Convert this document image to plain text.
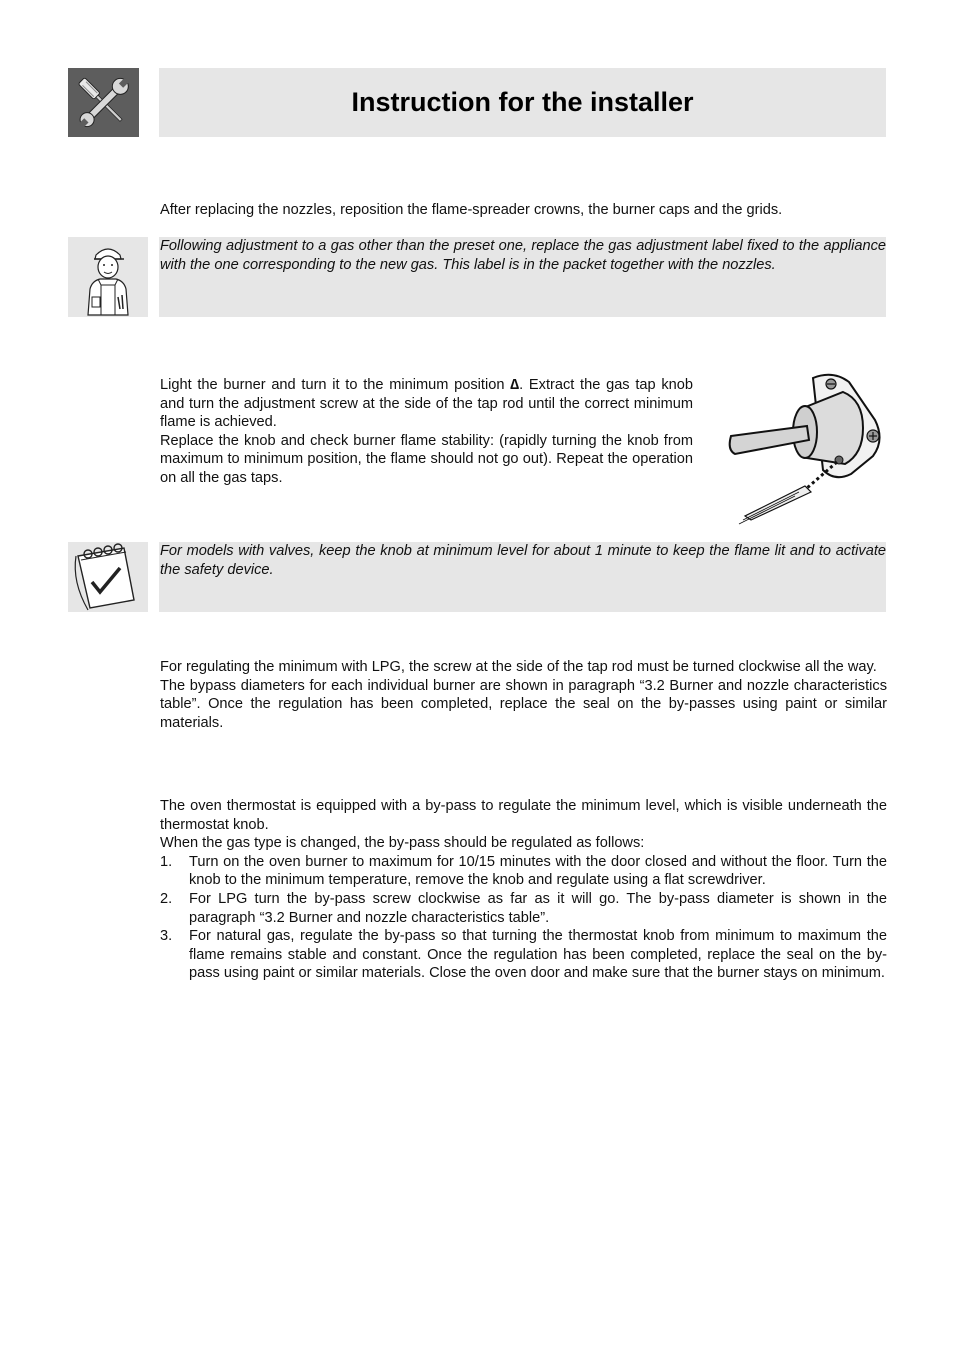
Instruction for the installer

After replacing the nozzles, reposition the flame-spreader crowns, the burner caps and the grids.

Following adjustment to a gas other than the preset one, replace the gas adjustment label fixed to the appliance with the one corresponding to the new gas. This label is in the packet together with the nozzles.

Light the burner and turn it to the minimum position ∆. Extract the gas tap knob and turn the adjustment screw at the side of the tap rod until the correct minimum flame is achieved.

Replace the knob and check burner flame stability: (rapidly turning the knob from maximum to minimum position, the flame should not go out). Repeat the operation on all the gas taps.

For models with valves, keep the knob at minimum level for about 1 minute to keep the flame lit and to activate the safety device.

For regulating the minimum with LPG, the screw at the side of the tap rod must be turned clockwise all the way.

The bypass diameters for each individual burner are shown in paragraph “3.2 Burner and nozzle characteristics table”. Once the regulation has been completed, replace the seal on the by-passes using paint or similar materials.

The oven thermostat is equipped with a by-pass to regulate the minimum level, which is visible underneath the thermostat knob.

When the gas type is changed, the by-pass should be regulated as follows:

1. Turn on the oven burner to maximum for 10/15 minutes with the door closed and without the floor. Turn the knob to the minimum temperature, remove the knob and regulate using a flat screwdriver.
2. For LPG turn the by-pass screw clockwise as far as it will go. The by-pass diameter is shown in the paragraph “3.2 Burner and nozzle characteristics table”.
3. For natural gas, regulate the by-pass so that turning the thermostat knob from minimum to maximum the flame remains stable and constant. Once the regulation has been completed, replace the seal on the by-pass using paint or similar materials. Close the oven door and make sure that the burner stays on minimum.
